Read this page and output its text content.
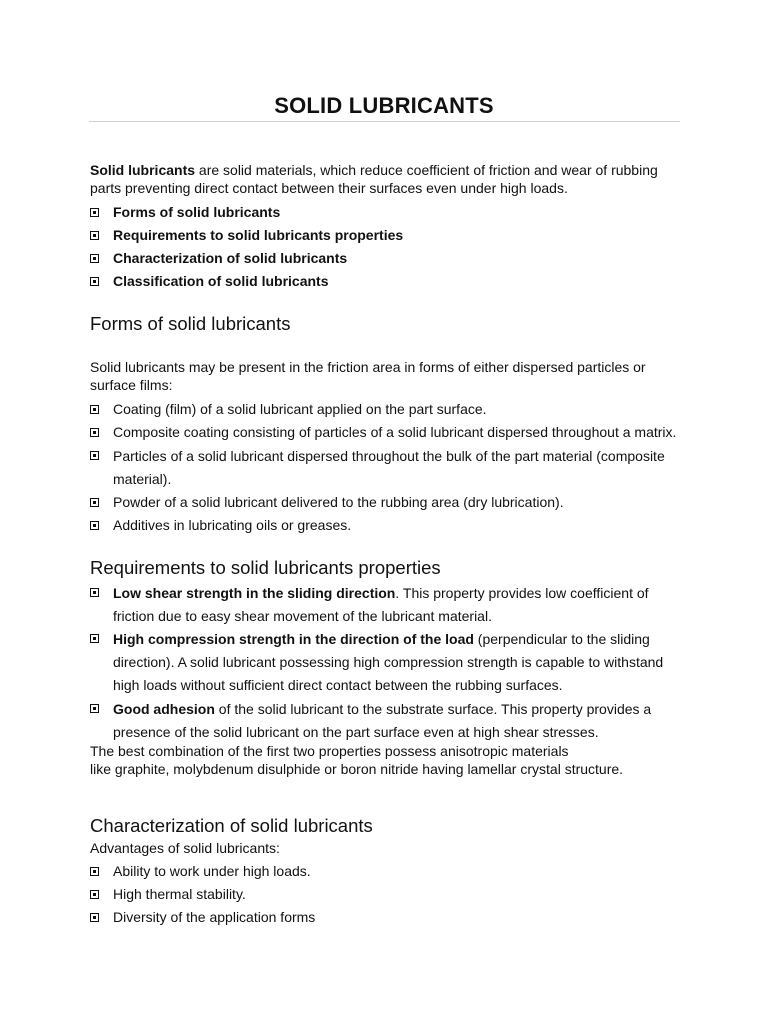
SOLID LUBRICANTS
Solid lubricants are solid materials, which reduce coefficient of friction and wear of rubbing
parts preventing direct contact between their surfaces even under high loads.
Forms of solid lubricants
Requirements to solid lubricants properties
Characterization of solid lubricants
Classification of solid lubricants
Forms of solid lubricants
Solid lubricants may be present in the friction area in forms of either dispersed particles or
surface films:
Coating (film) of a solid lubricant applied on the part surface.
Composite coating consisting of particles of a solid lubricant dispersed throughout a matrix.
Particles of a solid lubricant dispersed throughout the bulk of the part material (composite
material).
Powder of a solid lubricant delivered to the rubbing area (dry lubrication).
Additives in lubricating oils or greases.
Requirements to solid lubricants properties
Low shear strength in the sliding direction. This property provides low coefficient of
friction due to easy shear movement of the lubricant material.
High compression strength in the direction of the load (perpendicular to the sliding
direction). A solid lubricant possessing high compression strength is capable to withstand
high loads without sufficient direct contact between the rubbing surfaces.
Good adhesion of the solid lubricant to the substrate surface. This property provides a
presence of the solid lubricant on the part surface even at high shear stresses.
The best combination of the first two properties possess anisotropic materials
like graphite, molybdenum disulphide or boron nitride having lamellar crystal structure.
Characterization of solid lubricants
Advantages of solid lubricants:
Ability to work under high loads.
High thermal stability.
Diversity of the application forms
